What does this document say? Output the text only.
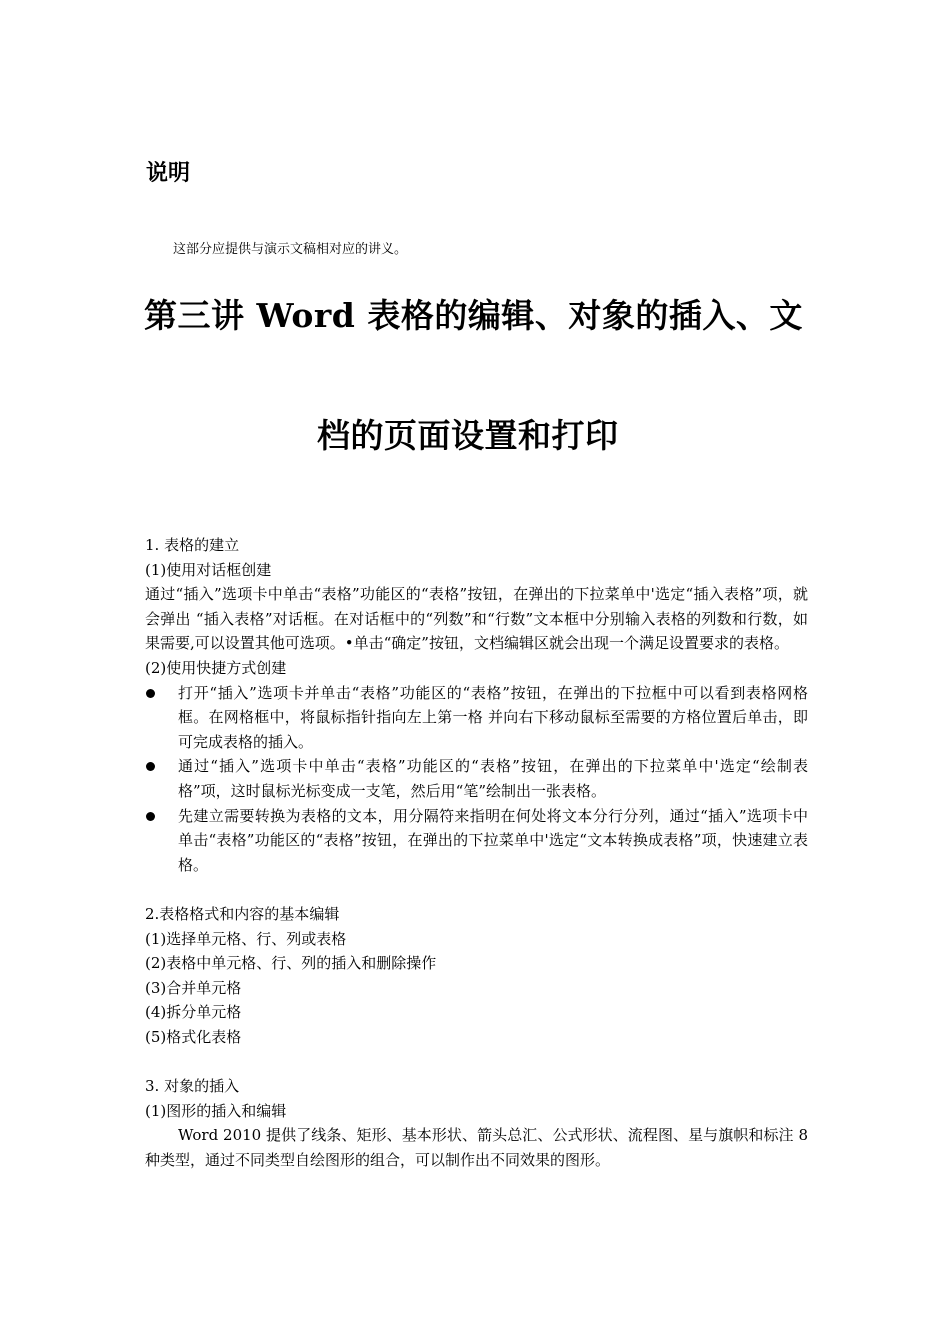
说明
这部分应提供与演示文稿相对应的讲义。
第三讲 Word 表格的编辑、对象的插入、文
档的页面设置和打印

1. 表格的建立

(1)使用对话框创建

通过“插入”选项卡中单击“表格”功能区的“表格”按钮，在弹出的下拉菜单中'选定“插入表格”项，就会弹出 “插入表格”对话框。在对话框中的“列数”和“行数”文本框中分别输入表格的列数和行数，如果需要,可以设置其他可选项。•单击“确定”按钮，文档编辑区就会出现一个满足设置要求的表格。

(2)使用快捷方式创建

打开“插入”选项卡并单击“表格”功能区的“表格”按钮，在弹出的下拉框中可以看到表格网格框。在网格框中，将鼠标指针指向左上第一格 并向右下移动鼠标至需要的方格位置后单击，即可完成表格的插入。
通过“插入”选项卡中单击“表格”功能区的“表格”按钮，在弹出的下拉菜单中'选定“绘制表格”项，这时鼠标光标变成一支笔，然后用“笔”绘制出一张表格。
先建立需要转换为表格的文本，用分隔符来指明在何处将文本分行分列，通过“插入”选项卡中单击“表格”功能区的“表格”按钮，在弹出的下拉菜单中'选定“文本转换成表格”项，快速建立表格。

2.表格格式和内容的基本编辑

(1)选择单元格、行、列或表格

(2)表格中单元格、行、列的插入和删除操作

(3)合并单元格

(4)拆分单元格

(5)格式化表格

3. 对象的插入

(1)图形的插入和编辑

Word 2010 提供了线条、矩形、基本形状、箭头总汇、公式形状、流程图、星与旗帜和标注 8 种类型，通过不同类型自绘图形的组合，可以制作出不同效果的图形。
